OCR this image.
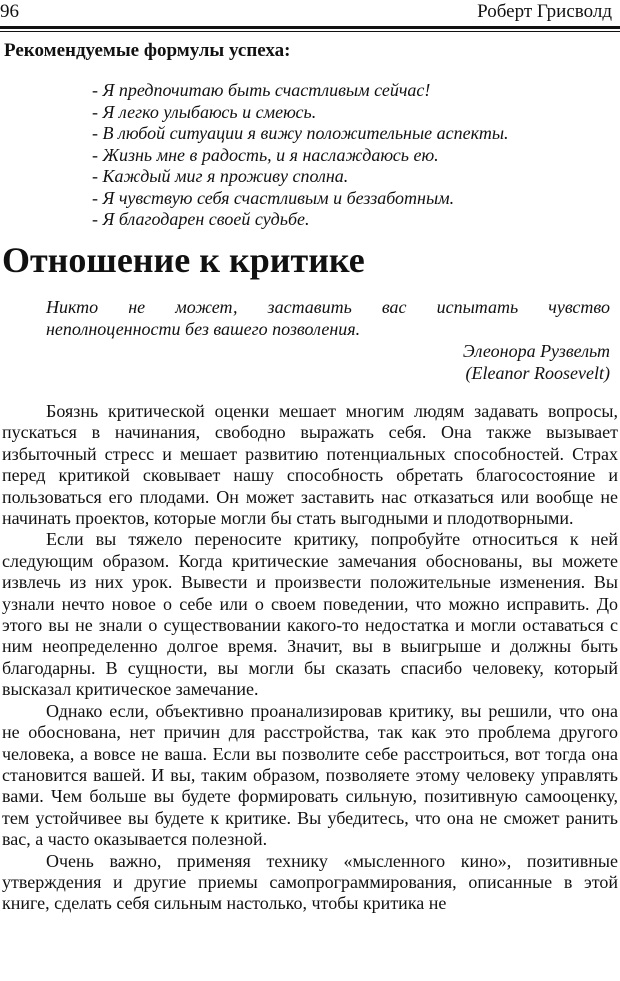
96	Роберт Грисволд
Рекомендуемые формулы успеха:
- Я предпочитаю быть счастливым сейчас!
- Я легко улыбаюсь и смеюсь.
- В любой ситуации я вижу положительные аспекты.
- Жизнь мне в радость, и я наслаждаюсь ею.
- Каждый миг я проживу сполна.
- Я чувствую себя счастливым и беззаботным.
- Я благодарен своей судьбе.
Отношение к критике
Никто не может, заставить вас испытать чувство
неполноценности без вашего позволения.
Элеонора Рузвельт
(Eleanor Roosevelt)

Боязнь критической оценки мешает многим людям задавать вопросы, пускаться в начинания, свободно выражать себя. Она также вызывает избыточный стресс и мешает развитию потенциальных способностей. Страх перед критикой сковывает нашу способность обретать благосостояние и пользоваться его плодами. Он может заставить нас отказаться или вообще не начинать проектов, которые могли бы стать выгодными и плодотворными.

Если вы тяжело переносите критику, попробуйте относиться к ней следующим образом. Когда критические замечания обоснованы, вы можете извлечь из них урок. Вывести и произвести положительные изменения. Вы узнали нечто новое о себе или о своем поведении, что можно исправить. До этого вы не знали о существовании какого-то недостатка и могли оставаться с ним неопределенно долгое время. Значит, вы в выигрыше и должны быть благодарны. В сущности, вы могли бы сказать спасибо человеку, который высказал критическое замечание.

Однако если, объективно проанализировав критику, вы решили, что она не обоснована, нет причин для расстройства, так как это проблема другого человека, а вовсе не ваша. Если вы позволите себе расстроиться, вот тогда она становится вашей. И вы, таким образом, позволяете этому человеку управлять вами. Чем больше вы будете формировать сильную, позитивную самооценку, тем устойчивее вы будете к критике. Вы убедитесь, что она не сможет ранить вас, а часто оказывается полезной.

Очень важно, применяя технику «мысленного кино», позитивные утверждения и другие приемы самопрограммирования, описанные в этой книге, сделать себя сильным настолько, чтобы критика не
